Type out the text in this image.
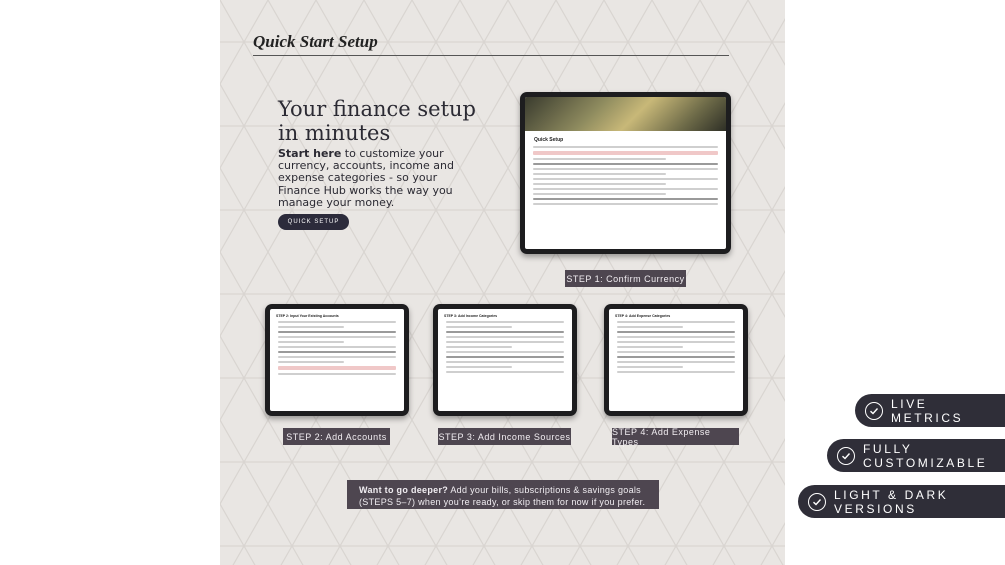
Quick Start Setup
Your finance setup in minutes
Start here to customize your currency, accounts, income and expense categories - so your Finance Hub works the way you manage your money.
QUICK SETUP
Quick Setup
STEP 1: Confirm Currency
STEP 2: Input Your Existing Accounts
STEP 2: Add Accounts
STEP 3: Add Income Categories
STEP 3: Add Income Sources
STEP 4: Add Expense Categories
STEP 4: Add Expense Types
Want to go deeper? Add your bills, subscriptions & savings goals (STEPS 5–7) when you’re ready, or skip them for now if you prefer.
LIVE METRICS
FULLY CUSTOMIZABLE
LIGHT & DARK VERSIONS
